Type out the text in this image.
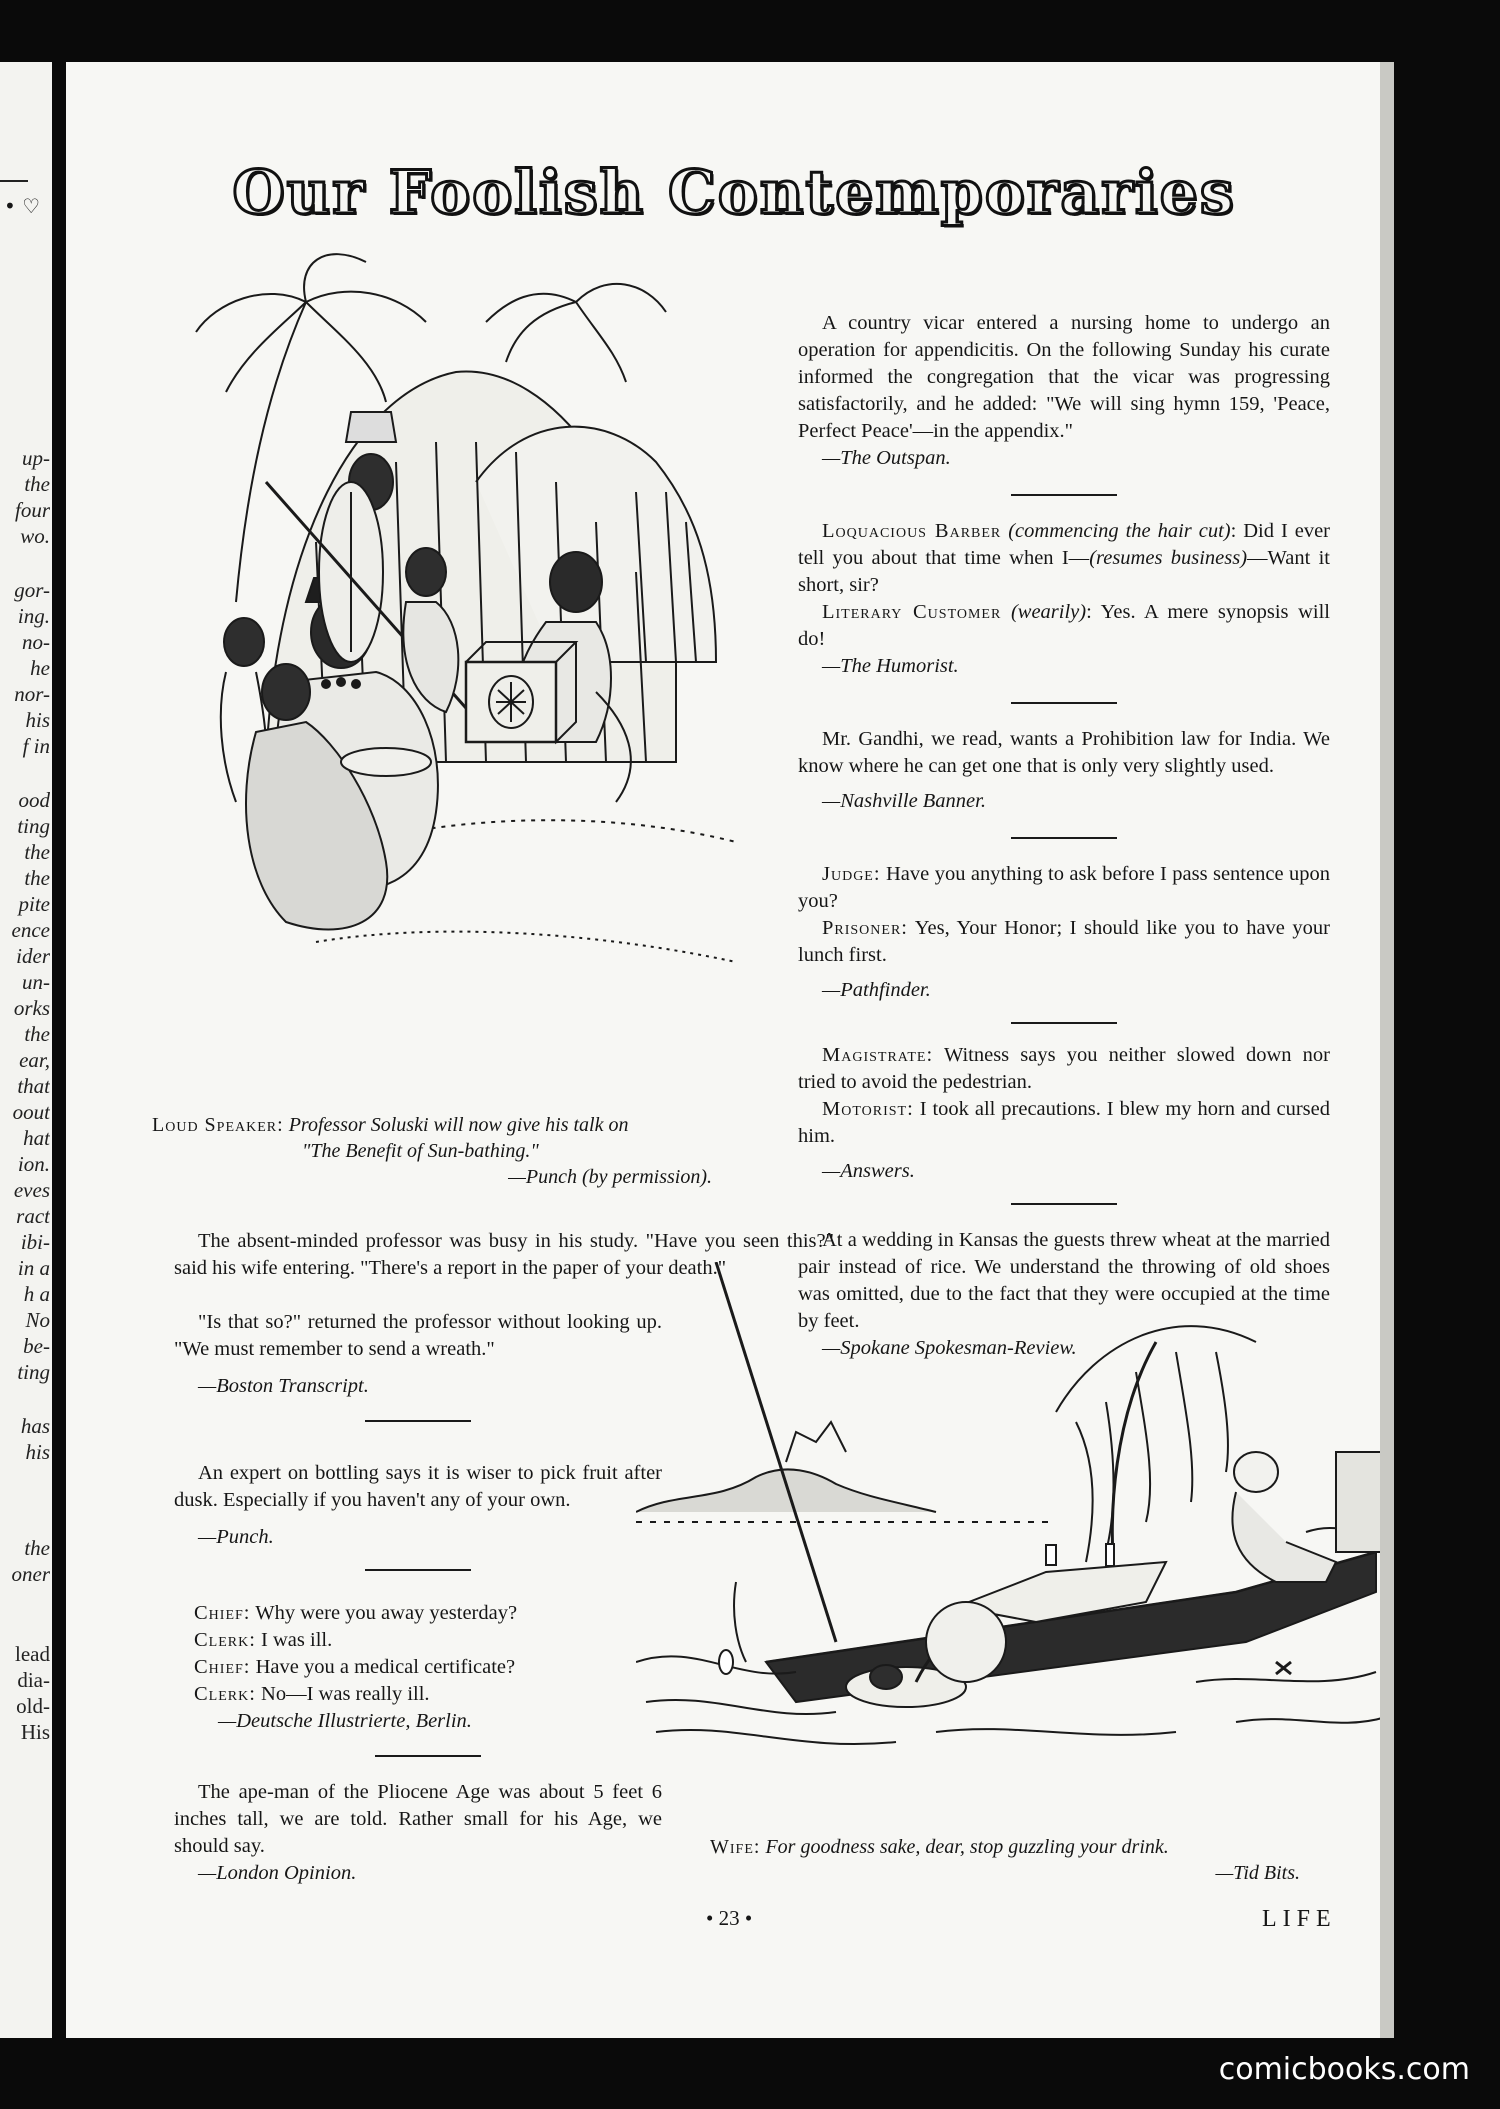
• ♡
up-
the
four
wo.
gor-
ing.
no-
he
nor-
his
f in
ood
ting
the
the
pite
ence
ider
un-
orks
the
ear,
that
oout
hat
ion.
eves
ract
ibi-
in a
h a
No
be-
ting
has
his
the
oner
lead
dia-
old-
His
Our Foolish Contemporaries
Loud Speaker: Professor Soluski will now give his talk on
"The Benefit of Sun-bathing."
—Punch (by permission).

The absent-minded professor was busy in his study. "Have you seen this?" said his wife entering. "There's a report in the paper of your death."

"Is that so?" returned the professor without looking up. "We must remember to send a wreath."

—Boston Transcript.

An expert on bottling says it is wiser to pick fruit after dusk. Especially if you haven't any of your own.

—Punch.

Chief: Why were you away yesterday?
Clerk: I was ill.
Chief: Have you a medical certificate?
Clerk: No—I was really ill.

—Deutsche Illustrierte, Berlin.

The ape-man of the Pliocene Age was about 5 feet 6 inches tall, we are told. Rather small for his Age, we should say.

—London Opinion.

A country vicar entered a nursing home to undergo an operation for appendicitis. On the following Sunday his curate informed the congregation that the vicar was progressing satisfactorily, and he added: "We will sing hymn 159, 'Peace, Perfect Peace'—in the appendix."

—The Outspan.

Loquacious Barber (commencing the hair cut): Did I ever tell you about that time when I—(resumes business)—Want it short, sir?

Literary Customer (wearily): Yes. A mere synopsis will do!

—The Humorist.

Mr. Gandhi, we read, wants a Prohibition law for India. We know where he can get one that is only very slightly used.

—Nashville Banner.

Judge: Have you anything to ask before I pass sentence upon you?

Prisoner: Yes, Your Honor; I should like you to have your lunch first.

—Pathfinder.

Magistrate: Witness says you neither slowed down nor tried to avoid the pedestrian.

Motorist: I took all precautions. I blew my horn and cursed him.

—Answers.

At a wedding in Kansas the guests threw wheat at the married pair instead of rice. We understand the throwing of old shoes was omitted, due to the fact that they were occupied at the time by feet.

—Spokane Spokesman-Review.

Wife: For goodness sake, dear, stop guzzling your drink.
—Tid Bits.
• 23 •	LIFE
comicbooks.com
